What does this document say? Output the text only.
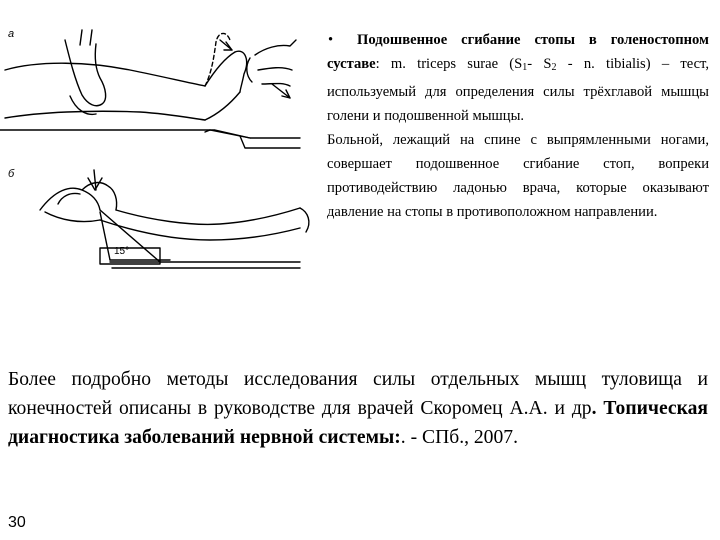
а
б
15°

• Подошвенное сгибание стопы в голеностопном суставе: m. triceps surae ($S_1-$ $S_2$ - n. tibialis) – тест, используемый для определения силы трёхглавой мышцы голени и подошвенной мышцы.

Больной, лежащий на спине с выпрямленными ногами, совершает подошвенное сгибание стоп, вопреки противодействию ладонью врача, которые оказывают давление на стопы в противоположном направлении.

Более подробно методы исследования силы отдельных мышц туловища и конечностей описаны в руководстве для врачей Скоромец А.А. и др. Топическая диагностика заболеваний нервной системы:. - СПб., 2007.
30
